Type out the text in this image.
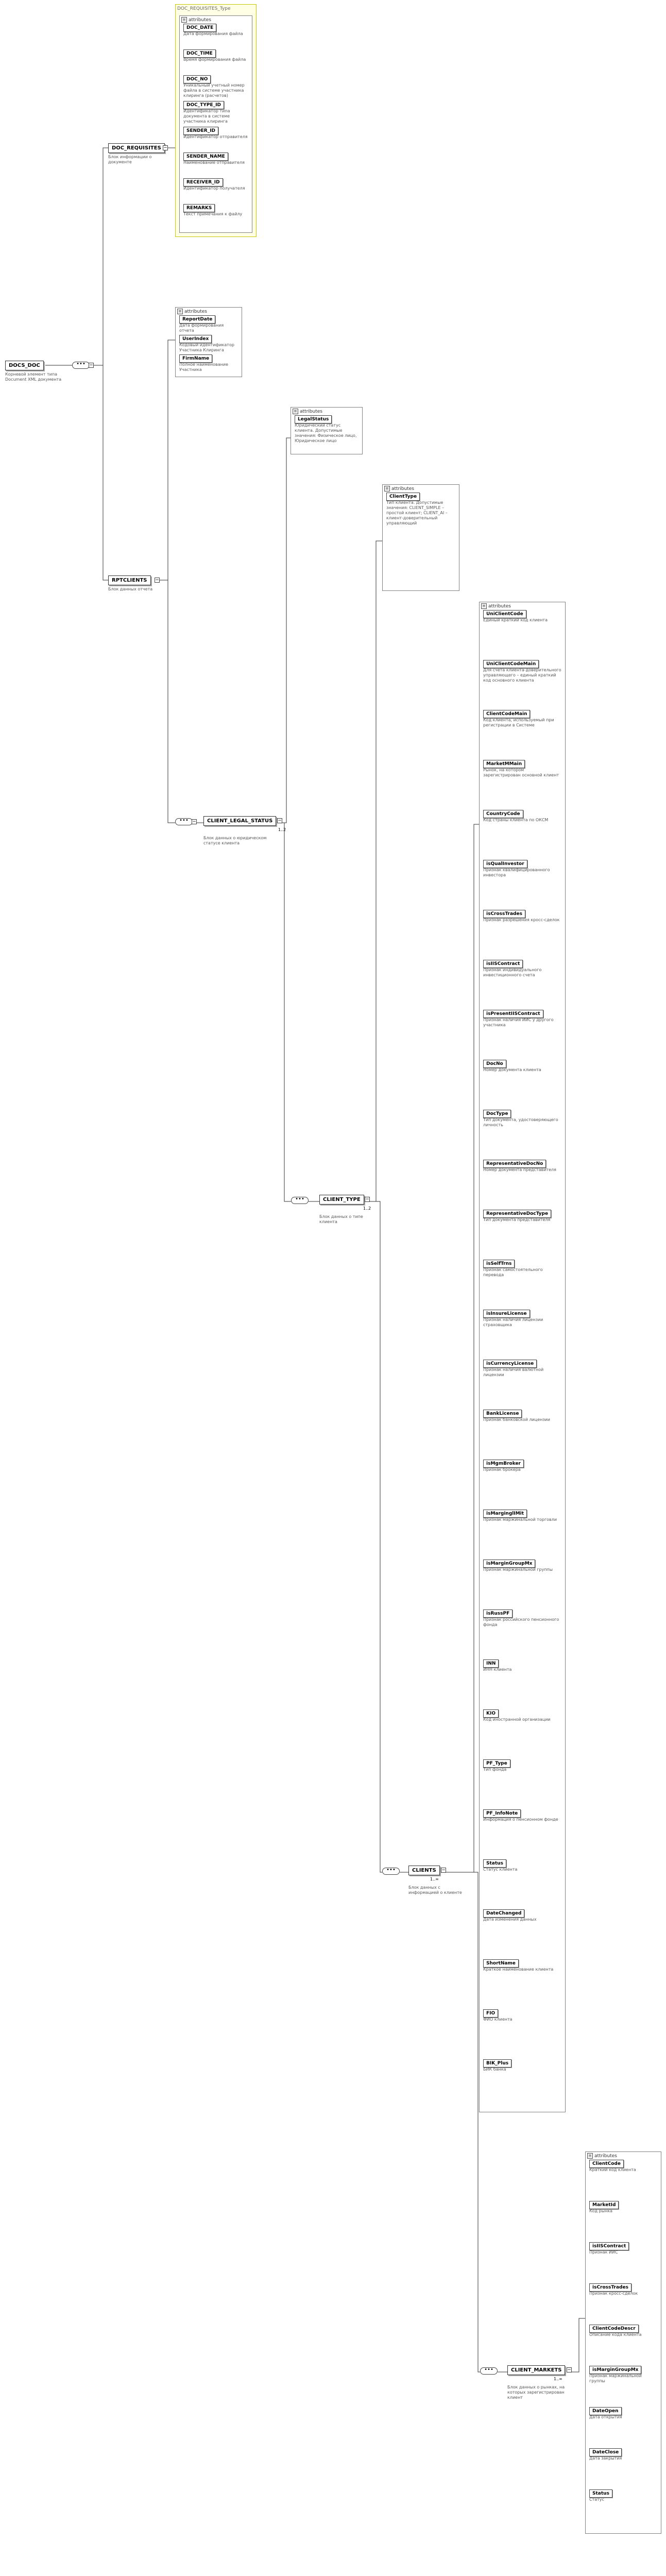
DOC_REQUISITES_Type
≡ attributes
DOC_DATE
Дата формирования файла
DOC_TIME
Время формирования файла
DOC_NO
Уникальный учетный номер файла в системе участника клиринга (расчетов)
DOC_TYPE_ID
Идентификатор типа документа в системе участника клиринга
SENDER_ID
Идентификатор отправителя
SENDER_NAME
Наименование отправителя
RECEIVER_ID
Идентификатор получателя
REMARKS
Текст примечания к файлу
DOCS_DOC
Корневой элемент типа Document XML документа
•••
−
DOC_REQUISITES
Блок информации о документе
−
≡ attributes
ReportDate
Дата формирования отчета
UserIndex
Кодовый идентификатор Участника Клиринга
FirmName
Полное наименование Участника
RPTCLIENTS
Блок данных отчета
−
•••
−
≡ attributes
LegalStatus
Юридический статус клиента. Допустимые значения: Физическое лицо, Юридическое лицо
CLIENT_LEGAL_STATUS
1..2
Блок данных о юридическом статусе клиента
−
≡ attributes
ClientType
Тип клиента. Допустимые значения: CLIENT_SIMPLE – простой клиент; CLIENT_AI – клиент-доверительный управляющий
•••
CLIENT_TYPE
1..2
Блок данных о типе клиента
−
≡ attributes
UniClientCode
Единый краткий код клиента
UniClientCodeMain
Для счета клиента-доверительного управляющего – единый краткий код основного клиента
ClientCodeMain
Код клиента, используемый при регистрации в Системе
MarketMMain
Рынок, на котором зарегистрирован основной клиент
CountryCode
Код страны клиента по ОКСМ
isQualInvestor
Признак квалифицированного инвестора
isCrossTrades
Признак разрешения кросс-сделок
isIISContract
Признак индивидуального инвестиционного счета
isPresentIISContract
Признак наличия ИИС у другого участника
DocNo
Номер документа клиента
DocType
Тип документа, удостоверяющего личность
RepresentativeDocNo
Номер документа представителя
RepresentativeDocType
Тип документа представителя
isSelfTrns
Признак самостоятельного перевода
isInsureLicense
Признак наличия лицензии страховщика
isCurrencyLicense
Признак наличия валютной лицензии
BankLicense
Признак банковской лицензии
isMgmBroker
Признак брокера
isMarginglIMit
Признак маржинальной торговли
isMarginGroupMx
Признак маржинальной группы
isRussPF
Признак российского пенсионного фонда
INN
ИНН клиента
KIO
Код иностранной организации
PF_Type
Тип фонда
PF_InfoNote
Информация о пенсионном фонде
Status
Статус клиента
DateChanged
Дата изменения данных
ShortName
Краткое наименование клиента
FIO
ФИО клиента
BIK_Plus
БИК банка
•••
CLIENTS
1..∞
Блок данных с информацией о клиенте
−
≡ attributes
ClientCode
Краткий код клиента
MarketId
Код рынка
isIISContract
Признак ИИС
isCrossTrades
Признак кросс-сделок
ClientCodeDescr
Описание кода клиента
isMarginGroupMx
Признак маржинальной группы
DateOpen
Дата открытия
DateClose
Дата закрытия
Status
Статус
•••
CLIENT_MARKETS
1..∞
Блок данных о рынках, на которых зарегистрирован клиент
−
